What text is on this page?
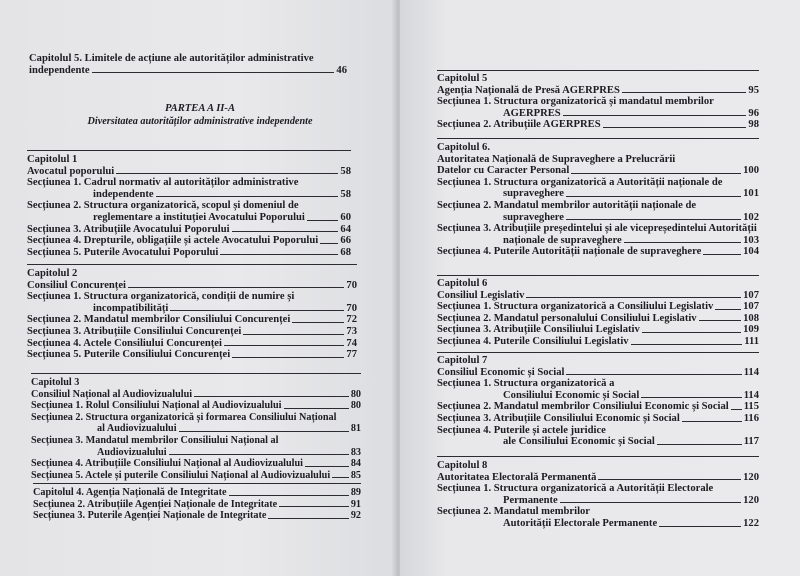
Capitolul 5. Limitele de acțiune ale autorităților administrative
independente	46
PARTEA A II-A
Diversitatea autorităților administrative independente
Capitolul 1
Avocatul poporului	58
Secțiunea 1. Cadrul normativ al autorităților administrative
independente	58
Secțiunea 2. Structura organizatorică, scopul și domeniul de
reglementare a instituției Avocatului Poporului	60
Secțiunea 3. Atribuțiile Avocatului Poporului	64
Secțiunea 4. Drepturile, obligațiile și actele Avocatului Poporului 66
Secțiunea 5. Puterile Avocatului Poporului	68
Capitolul 2
Consiliul Concurenței	70
Secțiunea 1. Structura organizatorică, condiții de numire și
incompatibilități	70
Secțiunea 2. Mandatul membrilor Consiliului Concurenței	72
Secțiunea 3. Atribuțiile Consiliului Concurenței	73
Secțiunea 4. Actele Consiliului Concurenței	74
Secțiunea 5. Puterile Consiliului Concurenței	77
Capitolul 3
Consiliul Național al Audiovizualului	80
Secțiunea 1. Rolul Consiliului Național al Audiovizualului	80
Secțiunea 2. Structura organizatorică și formarea Consiliului Național
al Audiovizualului	81
Secțiunea 3. Mandatul membrilor Consiliului Național al
Audiovizualului	83
Secțiunea 4. Atribuțiile Consiliului Național al Audiovizualului	84
Secțiunea 5. Actele și puterile Consiliului Național al Audiovizualului 85
Capitolul 4. Agenția Națională de Integritate	89
Secțiunea 2. Atribuțiile Agenției Naționale de Integritate	91
Secțiunea 3. Puterile Agenției Naționale de Integritate	92
Capitolul 5
Agenția Națională de Presă AGERPRES	95
Secțiunea 1. Structura organizatorică și mandatul membrilor
AGERPRES	96
Secțiunea 2. Atribuțiile AGERPRES	98
Capitolul 6.
Autoritatea Națională de Supraveghere a Prelucrării
Datelor cu Caracter Personal	100
Secțiunea 1. Structura organizatorică a Autorității naționale de
supraveghere	101
Secțiunea 2. Mandatul membrilor autorității naționale de
supraveghere	102
Secțiunea 3. Atribuțiile președintelui și ale vicepreședintelui Autorității
naționale de supraveghere	103
Secțiunea 4. Puterile Autorității naționale de supraveghere	104
Capitolul 6
Consiliul Legislativ	107
Secțiunea 1. Structura organizatorică a Consiliului Legislativ	107
Secțiunea 2. Mandatul personalului Consiliului Legislativ	108
Secțiunea 3. Atribuțiile Consiliului Legislativ	109
Secțiunea 4. Puterile Consiliului Legislativ	111
Capitolul 7
Consiliul Economic și Social	114
Secțiunea 1. Structura organizatorică a
Consiliului Economic și Social	114
Secțiunea 2. Mandatul membrilor Consiliului Economic și Social 115
Secțiunea 3. Atribuțiile Consiliului Economic și Social	116
Secțiunea 4. Puterile și actele juridice
ale Consiliului Economic și Social	117
Capitolul 8
Autoritatea Electorală Permanentă	120
Secțiunea 1. Structura organizatorică a Autorității Electorale
Permanente	120
Secțiunea 2. Mandatul membrilor
Autorității Electorale Permanente	122
